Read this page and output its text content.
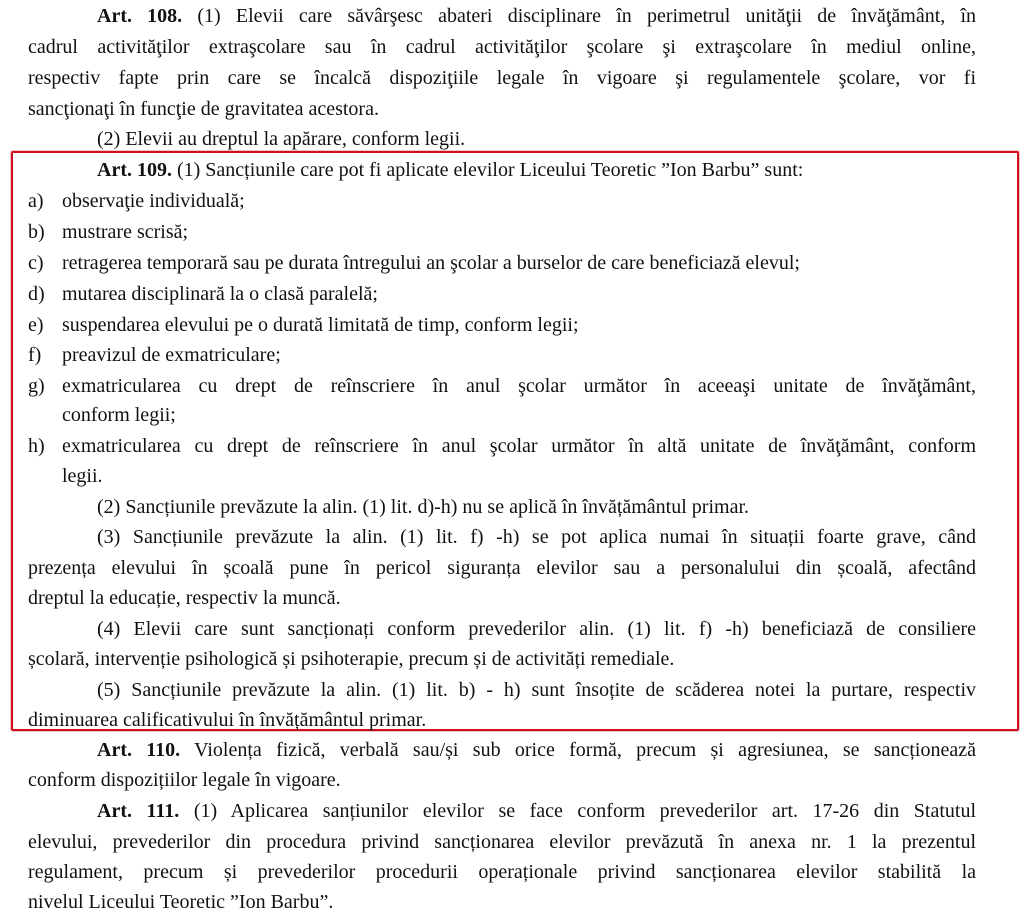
Art. 108. (1) Elevii care săvârşesc abateri disciplinare în perimetrul unităţii de învăţământ, în
cadrul activităţilor extraşcolare sau în cadrul activităţilor şcolare şi extraşcolare în mediul online,
respectiv fapte prin care se încalcă dispoziţiile legale în vigoare şi regulamentele şcolare, vor fi
sancţionaţi în funcţie de gravitatea acestora.
(2) Elevii au dreptul la apărare, conform legii.
Art. 109. (1) Sancțiunile care pot fi aplicate elevilor Liceului Teoretic ”Ion Barbu” sunt:
a) observaţie individuală;
b) mustrare scrisă;
c) retragerea temporară sau pe durata întregului an şcolar a burselor de care beneficiază elevul;
d) mutarea disciplinară la o clasă paralelă;
e) suspendarea elevului pe o durată limitată de timp, conform legii;
f)	preavizul de exmatriculare;
g) exmatricularea cu drept de reînscriere în anul şcolar următor în aceeaşi unitate de învăţământ,
conform legii;
h) exmatricularea cu drept de reînscriere în anul şcolar următor în altă unitate de învăţământ, conform
legii.
(2) Sancțiunile prevăzute la alin. (1) lit. d)-h) nu se aplică în învățământul primar.
(3) Sancțiunile prevăzute la alin. (1) lit. f) -h) se pot aplica numai în situații foarte grave, când
prezența elevului în școală pune în pericol siguranța elevilor sau a personalului din școală, afectând
dreptul la educație, respectiv la muncă.
(4) Elevii care sunt sancționați conform prevederilor alin. (1) lit. f) -h) beneficiază de consiliere
școlară, intervenție psihologică și psihoterapie, precum și de activități remediale.
(5) Sancțiunile prevăzute la alin. (1) lit. b) - h) sunt însoțite de scăderea notei la purtare, respectiv
diminuarea calificativului în învățământul primar.
Art. 110. Violența fizică, verbală sau/și sub orice formă, precum și agresiunea, se sancționează
conform dispozițiilor legale în vigoare.
Art. 111. (1) Aplicarea sanțiunilor elevilor se face conform prevederilor art. 17-26 din Statutul
elevului, prevederilor din procedura privind sancționarea elevilor prevăzută în anexa nr. 1 la prezentul
regulament, precum și prevederilor procedurii operaționale privind sancționarea elevilor stabilită la
nivelul Liceului Teoretic ”Ion Barbu”.
